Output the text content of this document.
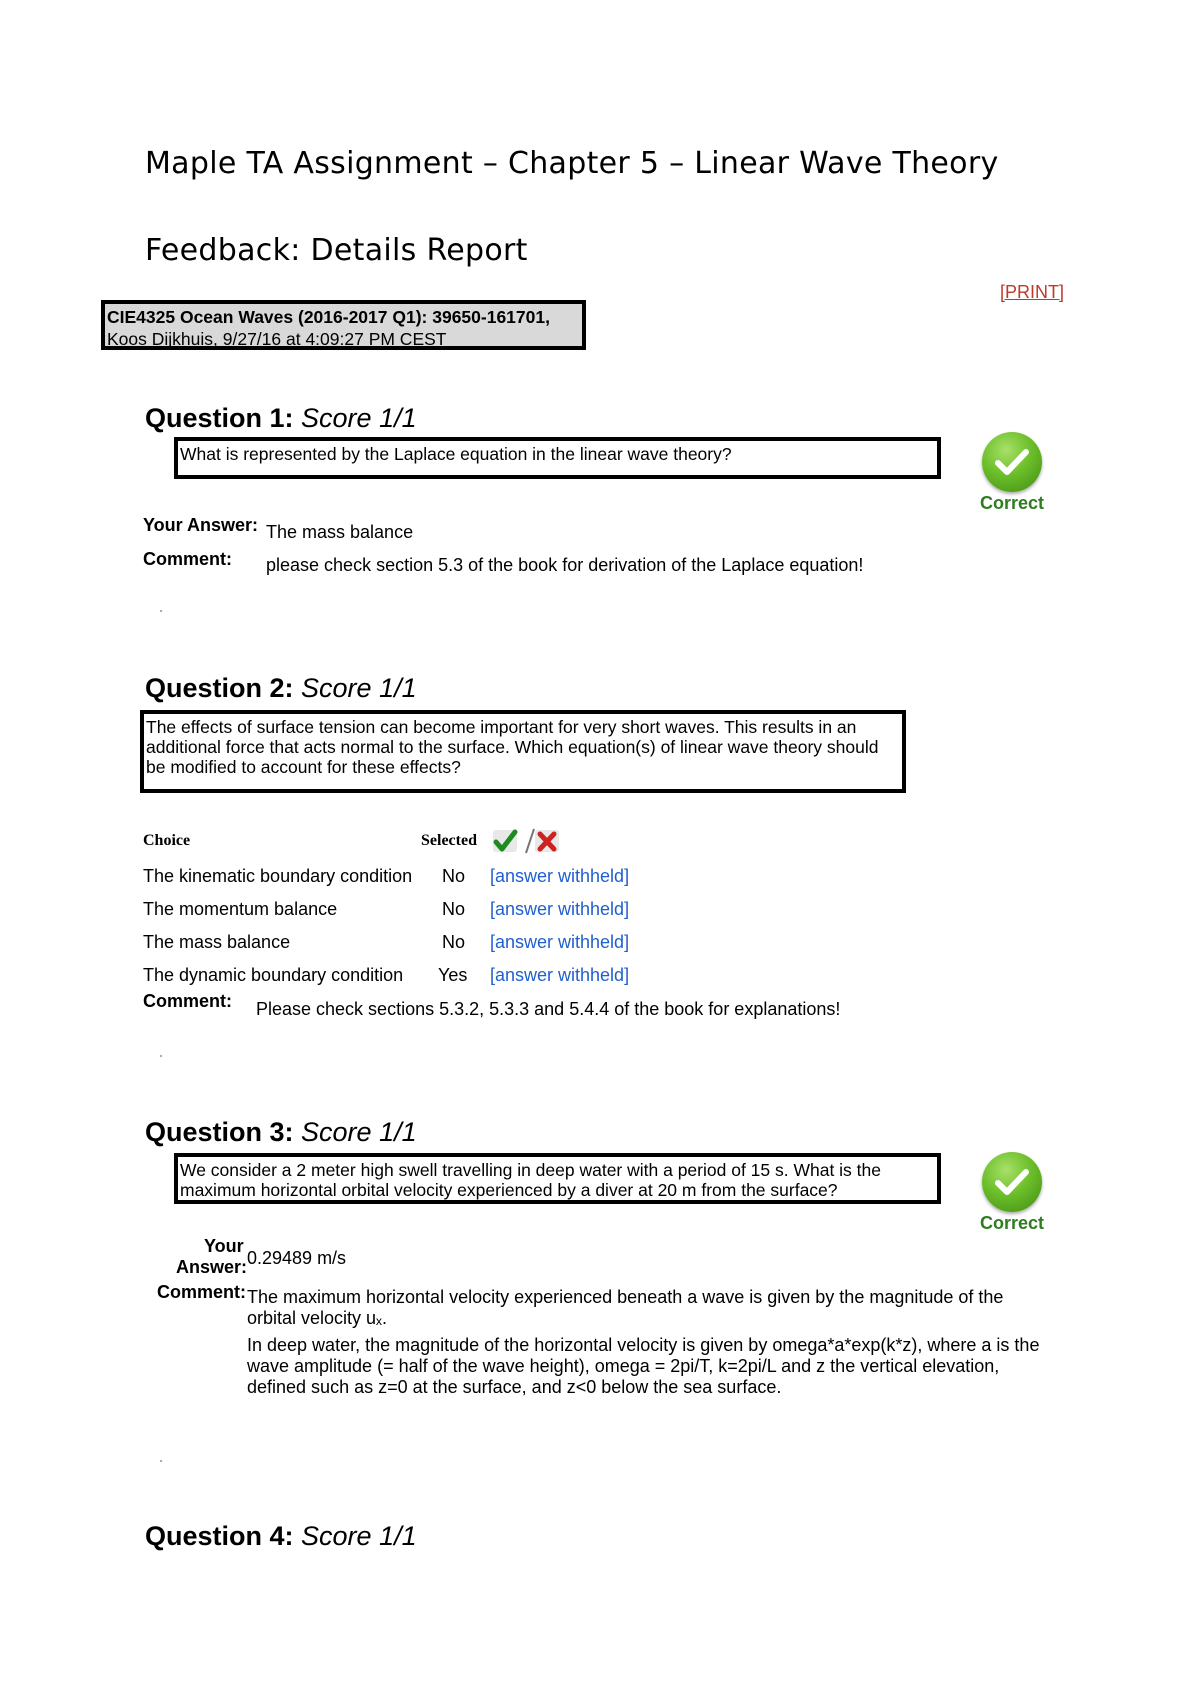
Maple TA Assignment – Chapter 5 – Linear Wave Theory
Feedback: Details Report
[PRINT]
CIE4325 Ocean Waves (2016-2017 Q1): 39650-161701,
Koos Dijkhuis, 9/27/16 at 4:09:27 PM CEST
Question 1: Score 1/1
What is represented by the Laplace equation in the linear wave theory?
Correct
Your Answer: The mass balance
Comment: please check section 5.3 of the book for derivation of the Laplace equation!
Question 2: Score 1/1
The effects of surface tension can become important for very short waves. This results in an additional force that acts normal to the surface. Which equation(s) of linear wave theory should be modified to account for these effects?
Choice	Selected
The kinematic boundary condition No [answer withheld]
The momentum balance	No [answer withheld]
The mass balance	No [answer withheld]
The dynamic boundary condition Yes [answer withheld]
Comment: Please check sections 5.3.2, 5.3.3 and 5.4.4 of the book for explanations!
Question 3: Score 1/1
We consider a 2 meter high swell travelling in deep water with a period of 15 s. What is the maximum horizontal orbital velocity experienced by a diver at 20 m from the surface?
Correct
Your
Answer: 0.29489 m/s
Comment: The maximum horizontal velocity experienced beneath a wave is given by the magnitude of the orbital velocity uₓ.
In deep water, the magnitude of the horizontal velocity is given by omega*a*exp(k*z), where a is the wave amplitude (= half of the wave height), omega = 2pi/T, k=2pi/L and z the vertical elevation, defined such as z=0 at the surface, and z<0 below the sea surface.
Question 4: Score 1/1
